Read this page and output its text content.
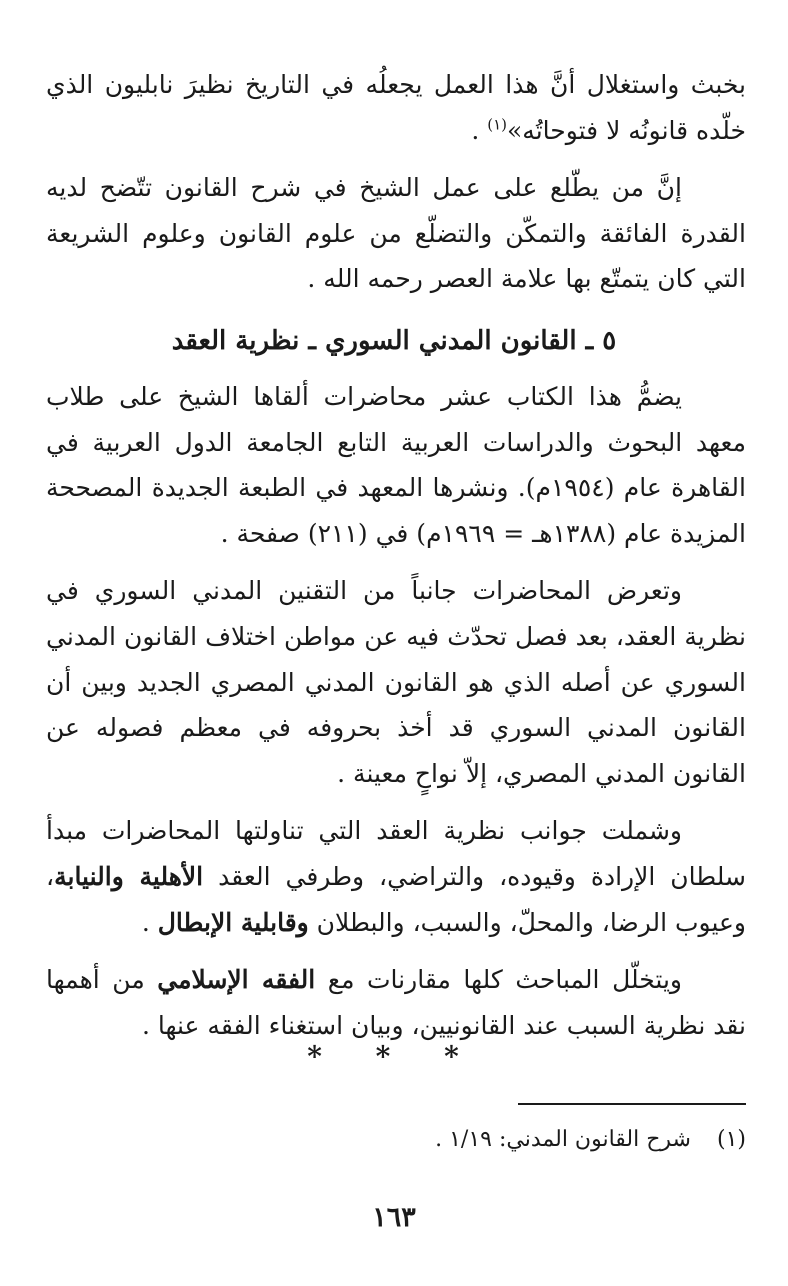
بخبث واستغلال أنَّ هذا العمل يجعلُه في التاريخ نظيرَ نابليون الذي خلّده قانونُه لا فتوحاتُه»$^{(١)}$ .

إنَّ من يطّلع على عمل الشيخ في شرح القانون تتّضح لديه القدرة الفائقة والتمكّن والتضلّع من علوم القانون وعلوم الشريعة التي كان يتمتّع بها علامة العصر رحمه الله .

٥ ـ القانون المدني السوري ـ نظرية العقد

يضمُّ هذا الكتاب عشر محاضرات ألقاها الشيخ على طلاب معهد البحوث والدراسات العربية التابع الجامعة الدول العربية في القاهرة عام (١٩٥٤م). ونشرها المعهد في الطبعة الجديدة المصححة المزيدة عام (١٣٨٨هـ = ١٩٦٩م) في (٢١١) صفحة .

وتعرض المحاضرات جانباً من التقنين المدني السوري في نظرية العقد، بعد فصل تحدّث فيه عن مواطن اختلاف القانون المدني السوري عن أصله الذي هو القانون المدني المصري الجديد وبين أن القانون المدني السوري قد أخذ بحروفه في معظم فصوله عن القانون المدني المصري، إلاّ نواحٍ معينة .

وشملت جوانب نظرية العقد التي تناولتها المحاضرات مبدأ سلطان الإرادة وقيوده، والتراضي، وطرفي العقد الأهلية والنيابة، وعيوب الرضا، والمحلّ، والسبب، والبطلان وقابلية الإبطال .

ويتخلّل المباحث كلها مقارنات مع الفقه الإسلامي من أهمها نقد نظرية السبب عند القانونيين، وبيان استغناء الفقه عنها .

* * *
(١)شرح القانون المدني: ١/١٩ .
١٦٣
